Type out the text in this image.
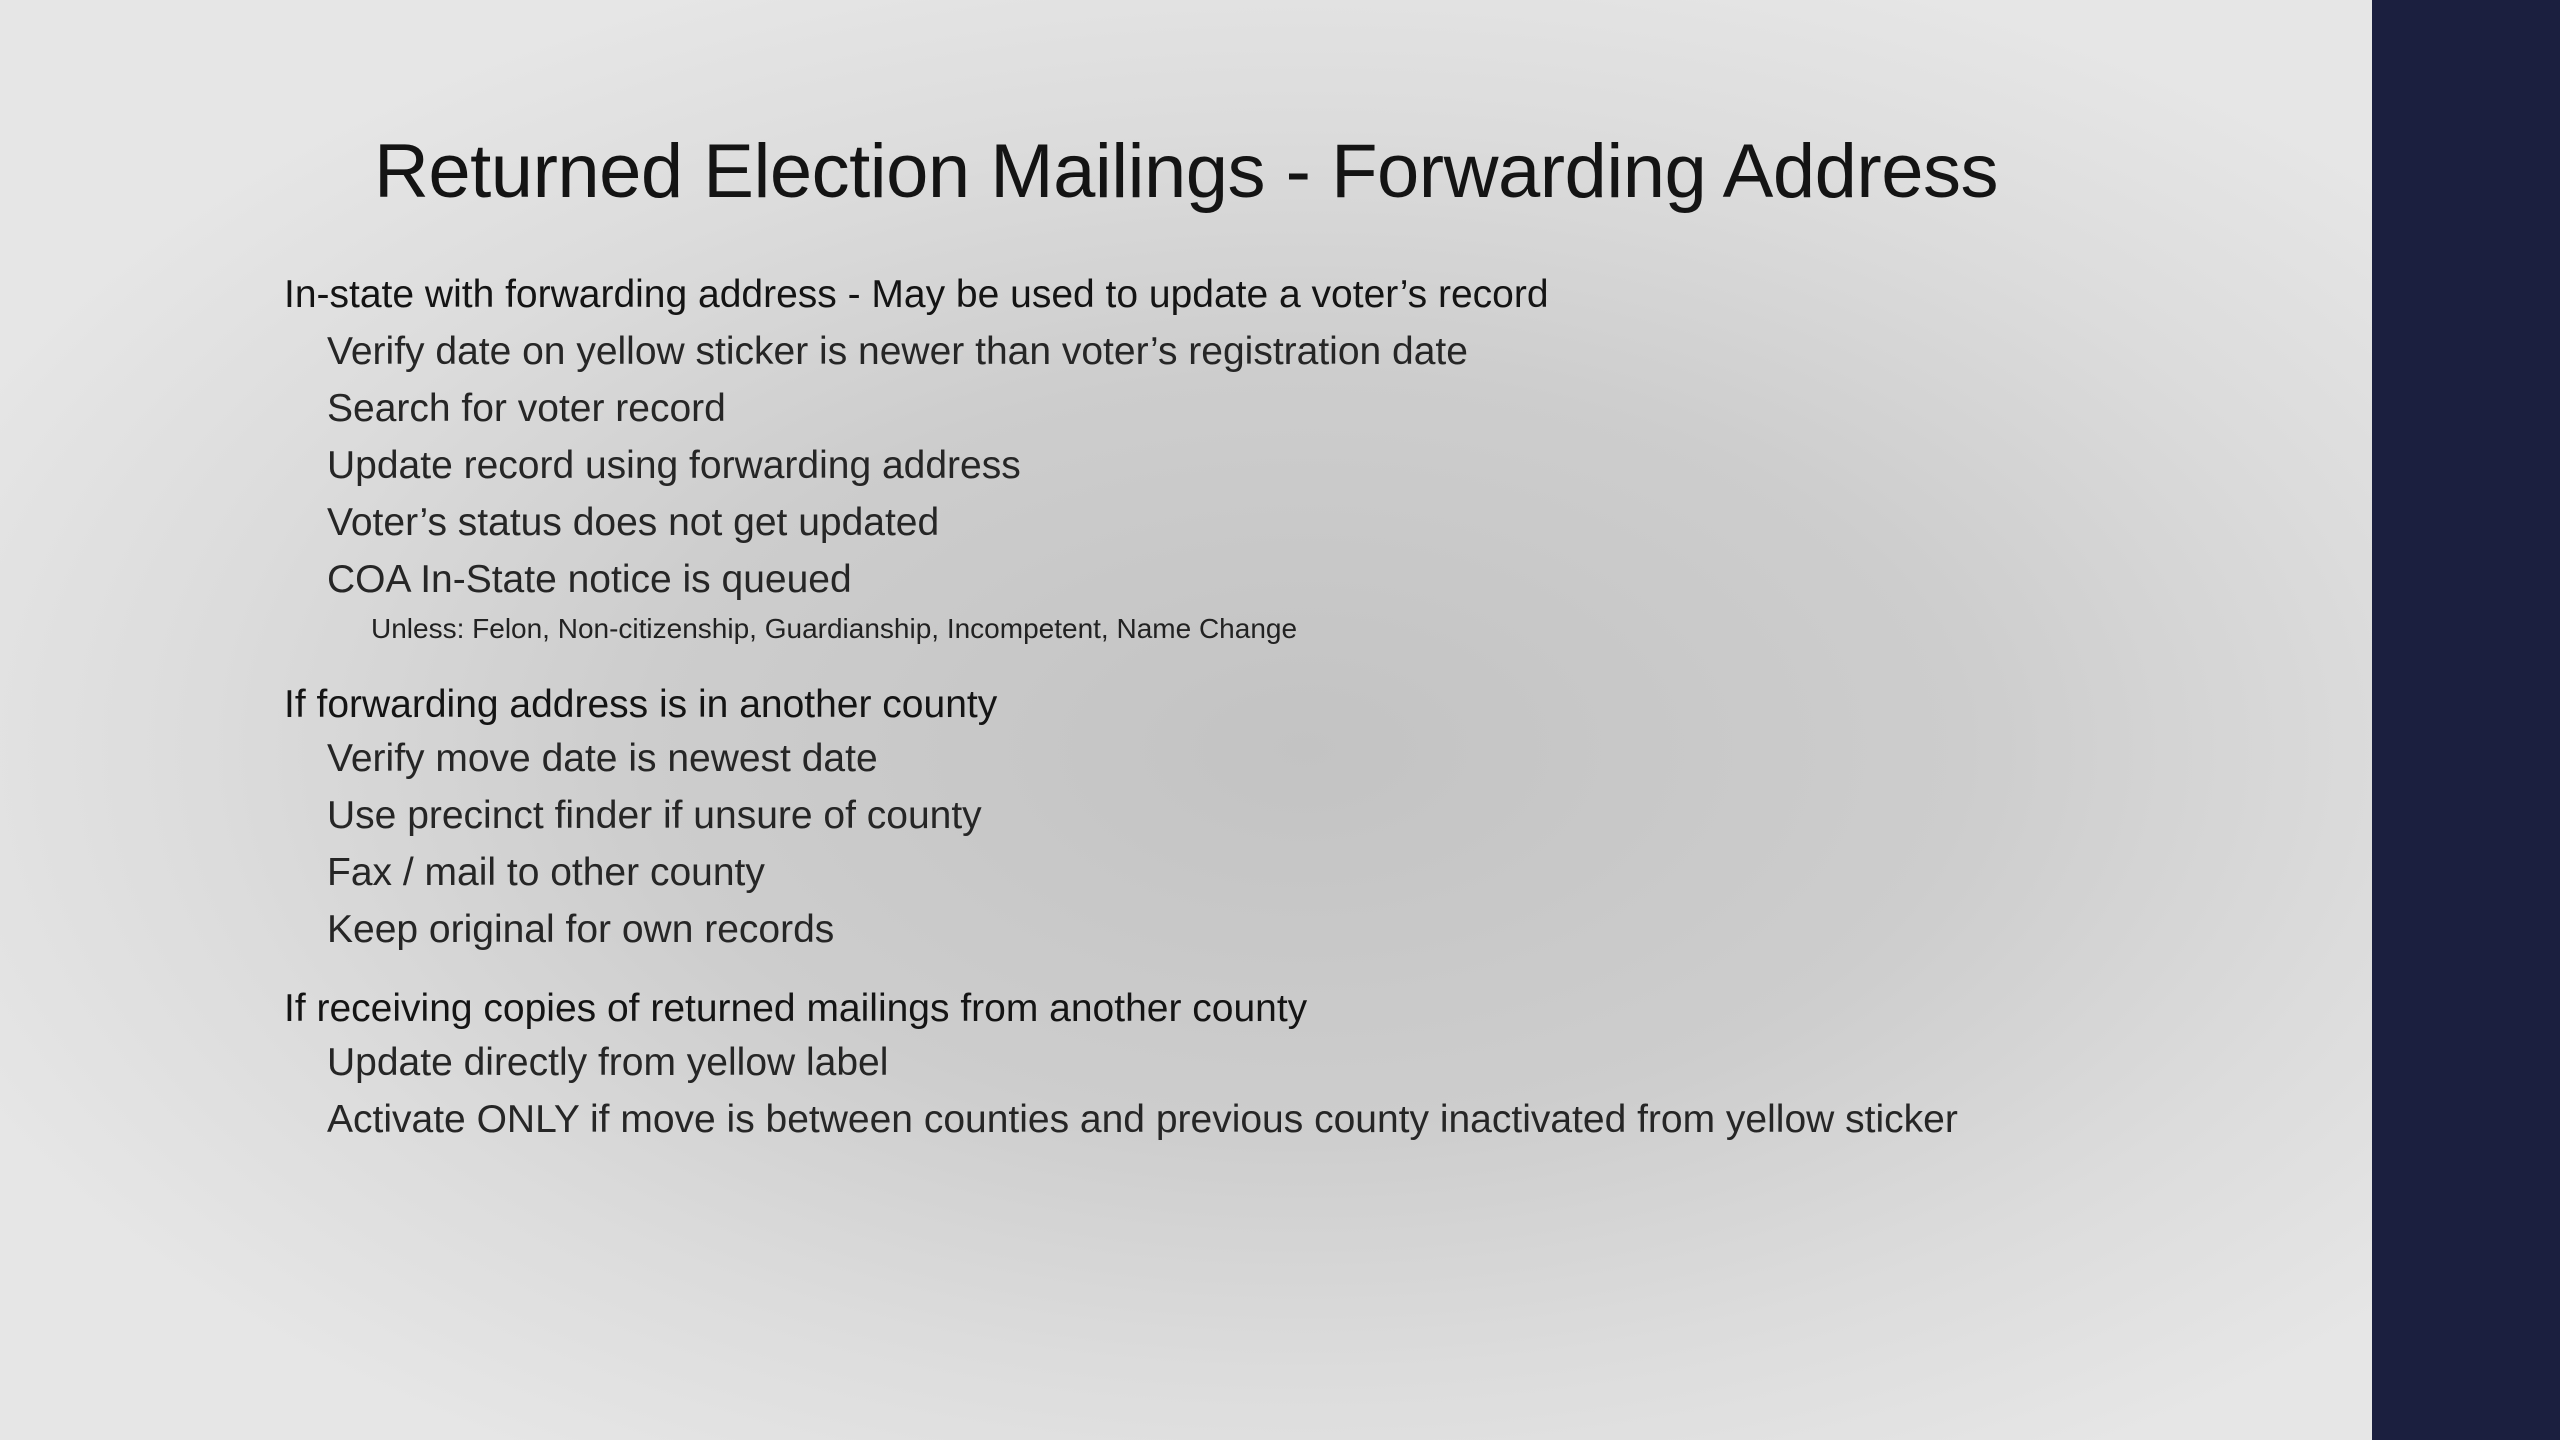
Returned Election Mailings - Forwarding Address
In-state with forwarding address - May be used to update a voter’s record
Verify date on yellow sticker is newer than voter’s registration date
Search for voter record
Update record using forwarding address
Voter’s status does not get updated
COA In-State notice is queued
Unless: Felon, Non-citizenship, Guardianship, Incompetent, Name Change
If forwarding address is in another county
Verify move date is newest date
Use precinct finder if unsure of county
Fax / mail to other county
Keep original for own records
If receiving copies of returned mailings from another county
Update directly from yellow label
Activate ONLY if move is between counties and previous county inactivated from yellow sticker
